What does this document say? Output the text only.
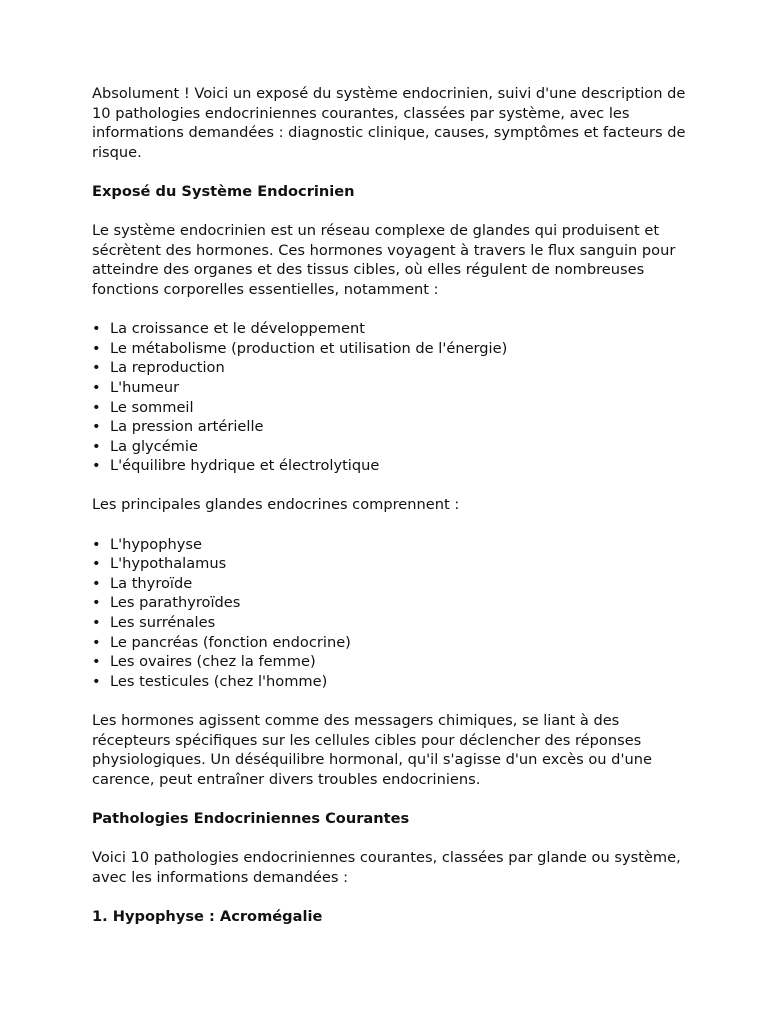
Absolument ! Voici un exposé du système endocrinien, suivi d'une description de 10 pathologies endocriniennes courantes, classées par système, avec les informations demandées : diagnostic clinique, causes, symptômes et facteurs de risque.

Exposé du Système Endocrinien

Le système endocrinien est un réseau complexe de glandes qui produisent et sécrètent des hormones. Ces hormones voyagent à travers le flux sanguin pour atteindre des organes et des tissus cibles, où elles régulent de nombreuses fonctions corporelles essentielles, notamment :

• La croissance et le développement
• Le métabolisme (production et utilisation de l'énergie)
• La reproduction
• L'humeur
• Le sommeil
• La pression artérielle
• La glycémie
• L'équilibre hydrique et électrolytique

Les principales glandes endocrines comprennent :

• L'hypophyse
• L'hypothalamus
• La thyroïde
• Les parathyroïdes
• Les surrénales
• Le pancréas (fonction endocrine)
• Les ovaires (chez la femme)
• Les testicules (chez l'homme)

Les hormones agissent comme des messagers chimiques, se liant à des récepteurs spécifiques sur les cellules cibles pour déclencher des réponses physiologiques. Un déséquilibre hormonal, qu'il s'agisse d'un excès ou d'une carence, peut entraîner divers troubles endocriniens.

Pathologies Endocriniennes Courantes

Voici 10 pathologies endocriniennes courantes, classées par glande ou système, avec les informations demandées :

1. Hypophyse : Acromégalie
